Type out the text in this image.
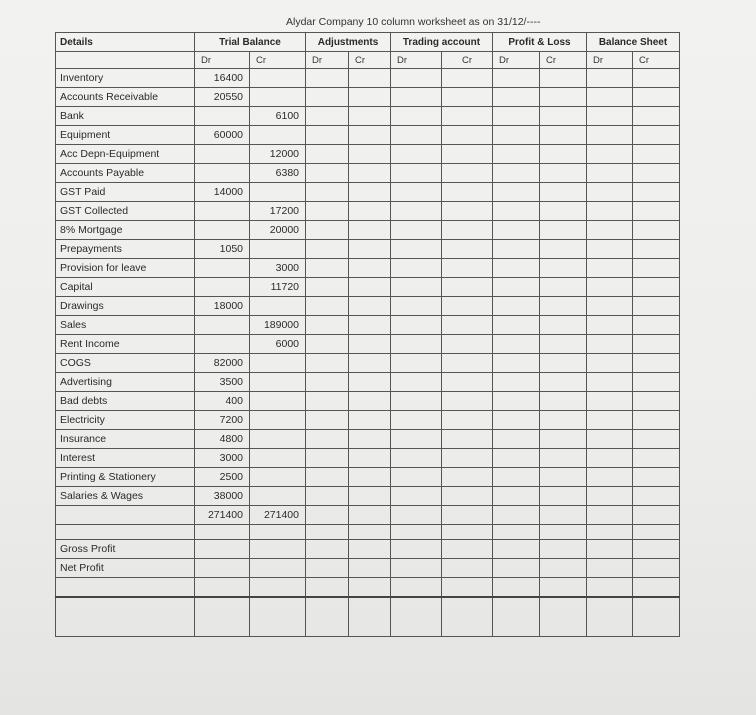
Alydar Company 10 column worksheet as on 31/12/----
Details	Trial Balance		Adjustments		Trading account		Profit & Loss		Balance Sheet	
	Dr	Cr	Dr	Cr	Dr	Cr	Dr	Cr	Dr	Cr
Inventory	16400									
Accounts Receivable	20550									
Bank		6100								
Equipment	60000									
Acc Depn-Equipment		12000								
Accounts Payable		6380								
GST Paid	14000									
GST Collected		17200								
8% Mortgage		20000								
Prepayments	1050									
Provision for leave		3000								
Capital		11720								
Drawings	18000									
Sales		189000								
Rent Income		6000								
COGS	82000									
Advertising	3500									
Bad debts	400									
Electricity	7200									
Insurance	4800									
Interest	3000									
Printing & Stationery	2500									
Salaries & Wages	38000									
	271400	271400								

Gross Profit										
Net Profit										
